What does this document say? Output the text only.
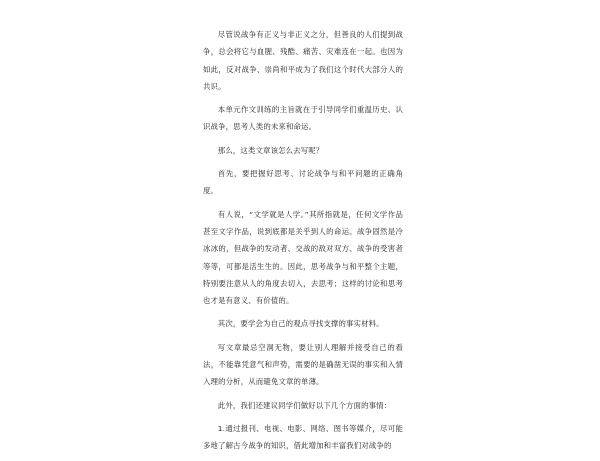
尽管说战争有正义与非正义之分，但善良的人们提到战争，总会将它与血腥、残酷、痛苦、灾难连在一起。也因为如此，反对战争、崇尚和平成为了我们这个时代大部分人的共识。

本单元作文训练的主旨就在于引导同学们重温历史、认识战争，思考人类的未来和命运。

那么，这类文章该怎么去写呢？

首先，要把握好思考、讨论战争与和平问题的正确角度。

有人说，“文学就是人学。”其所指就是，任何文学作品甚至文字作品，说到底都是关乎到人的命运。战争固然是冷冰冰的，但战争的发动者、交战的敌对双方、战争的受害者等等，可都是活生生的。因此，思考战争与和平整个主题，特别要注意从人的角度去切入，去思考；这样的讨论和思考也才是有意义、有价值的。

其次，要学会为自己的观点寻找支撑的事实材料。

写文章最忌空洞无物，要让别人理解并接受自己的看法，不能靠凭意气和声势，需要的是确凿无误的事实和入情入理的分析，从而避免文章的单薄。

此外，我们还建议同学们做好以下几个方面的事情：

1.通过报刊、电视、电影、网络、图书等媒介，尽可能多地了解古今战争的知识，借此增加和丰富我们对战争的
